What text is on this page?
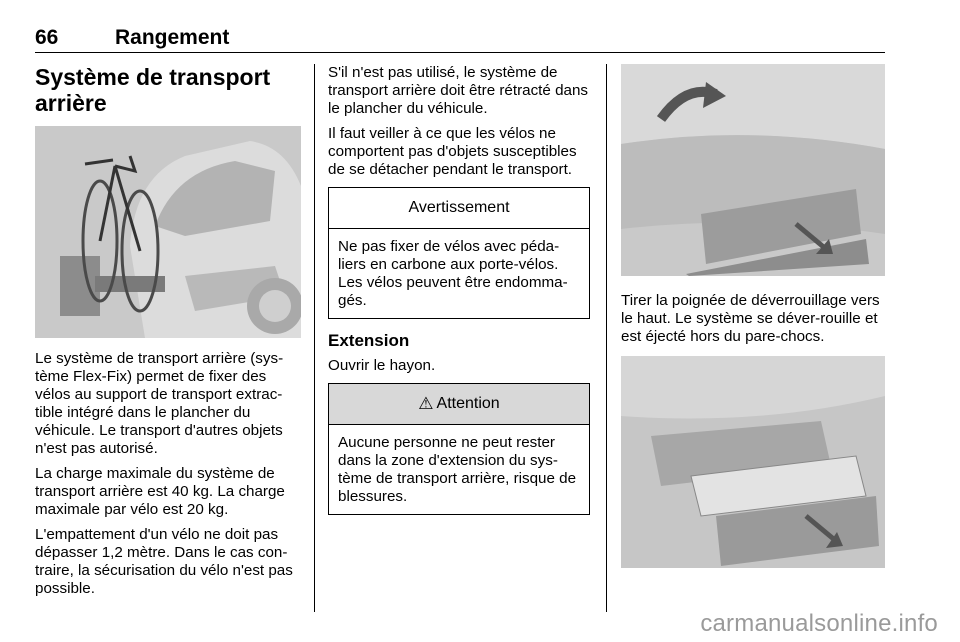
66	Rangement
Système de transport arrière

Le système de transport arrière (sys-tème Flex-Fix) permet de fixer des vélos au support de transport extrac-tible intégré dans le plancher du véhicule. Le transport d'autres objets n'est pas autorisé.

La charge maximale du système de transport arrière est 40 kg. La charge maximale par vélo est 20 kg.

L'empattement d'un vélo ne doit pas dépasser 1,2 mètre. Dans le cas con-traire, la sécurisation du vélo n'est pas possible.

S'il n'est pas utilisé, le système de transport arrière doit être rétracté dans le plancher du véhicule.

Il faut veiller à ce que les vélos ne comportent pas d'objets susceptibles de se détacher pendant le transport.

Avertissement
Ne pas fixer de vélos avec péda-liers en carbone aux porte-vélos. Les vélos peuvent être endomma-gés.
Extension

Ouvrir le hayon.

⚠ Attention
Aucune personne ne peut rester dans la zone d'extension du sys-tème de transport arrière, risque de blessures.

Tirer la poignée de déverrouillage vers le haut. Le système se déver-rouille et est éjecté hors du pare-chocs.

carmanualsonline.info
